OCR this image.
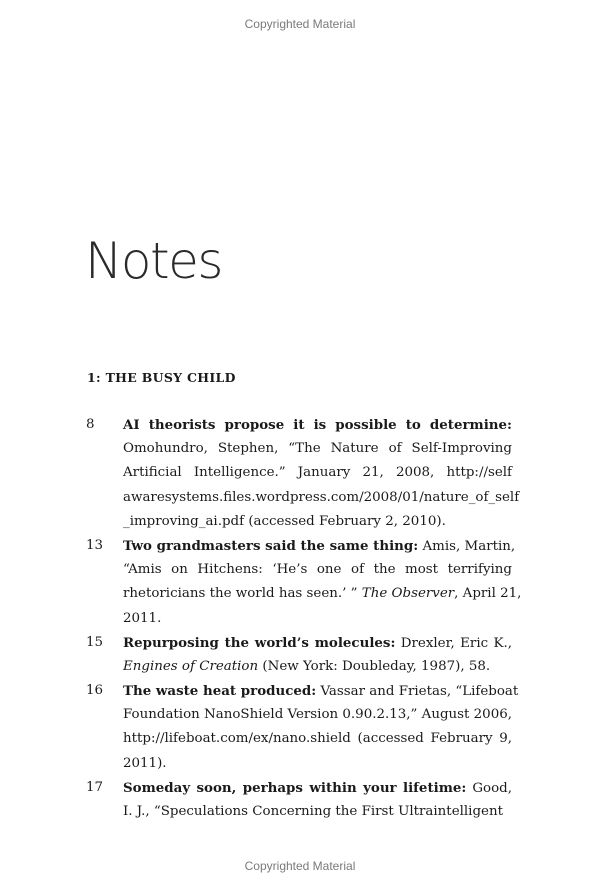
Copyrighted Material
Notes
1: THE BUSY CHILD
8 AI theorists propose it is possible to determine:
Omohundro, Stephen, “The Nature of Self-Improving
Artificial Intelligence.” January 21, 2008, http://self
awaresystems.files.wordpress.com/2008/01/nature_of_self
_improving_ai.pdf (accessed February 2, 2010).
13 Two grandmasters said the same thing: Amis, Martin,
“Amis on Hitchens: ‘He’s one of the most terrifying
rhetoricians the world has seen.’ ” The Observer, April 21,
2011.
15 Repurposing the world’s molecules: Drexler, Eric K.,
Engines of Creation (New York: Doubleday, 1987), 58.
16 The waste heat produced: Vassar and Frietas, “Lifeboat
Foundation NanoShield Version 0.90.2.13,” August 2006,
http://lifeboat.com/ex/nano.shield (accessed February 9,
2011).
17 Someday soon, perhaps within your lifetime: Good,
I. J., “Speculations Concerning the First Ultraintelligent
Copyrighted Material
